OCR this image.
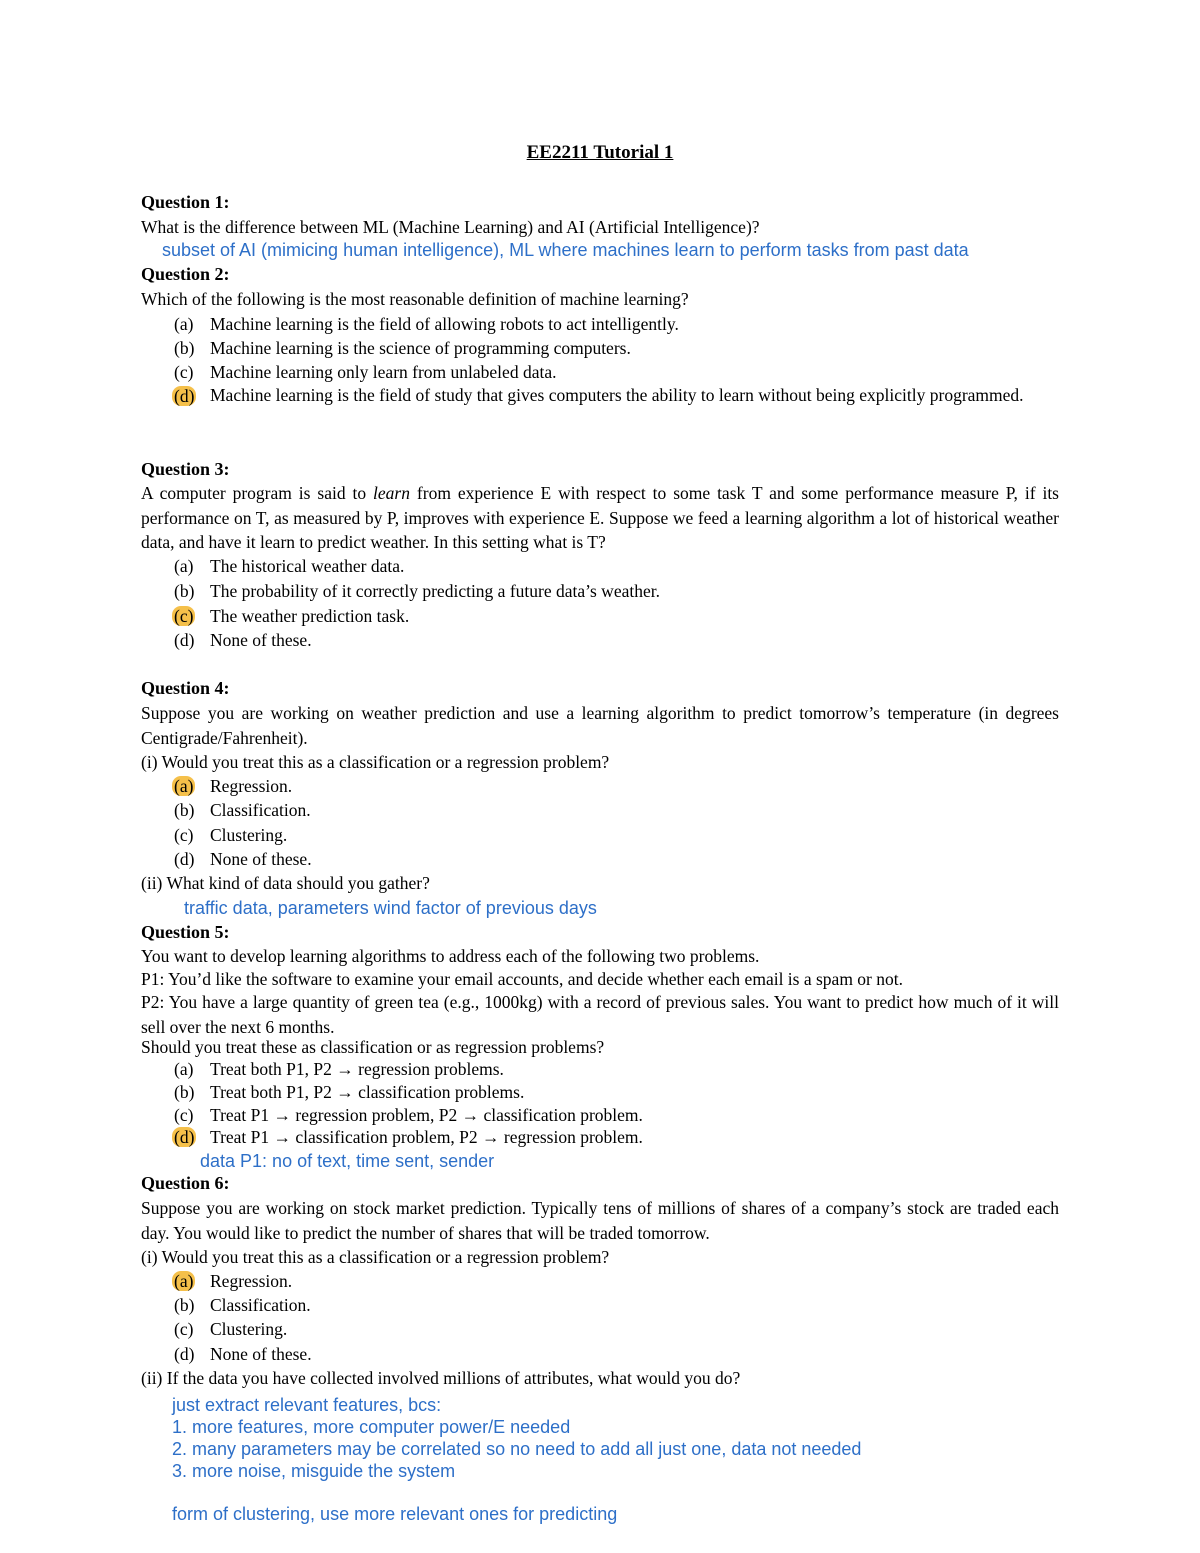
EE2211 Tutorial 1
Question 1:
What is the difference between ML (Machine Learning) and AI (Artificial Intelligence)?
subset of AI (mimicing human intelligence), ML where machines learn to perform tasks from past data
Question 2:
Which of the following is the most reasonable definition of machine learning?
(a) Machine learning is the field of allowing robots to act intelligently.
(b) Machine learning is the science of programming computers.
(c) Machine learning only learn from unlabeled data.
(d) Machine learning is the field of study that gives computers the ability to learn without being explicitly programmed.
Question 3:
A computer program is said to learn from experience E with respect to some task T and some performance measure P, if its performance on T, as measured by P, improves with experience E. Suppose we feed a learning algorithm a lot of historical weather data, and have it learn to predict weather. In this setting what is T?
(a) The historical weather data.
(b) The probability of it correctly predicting a future data’s weather.
(c) The weather prediction task.
(d) None of these.
Question 4:
Suppose you are working on weather prediction and use a learning algorithm to predict tomorrow’s temperature (in degrees Centigrade/Fahrenheit).
(i) Would you treat this as a classification or a regression problem?
(a) Regression.
(b) Classification.
(c) Clustering.
(d) None of these.
(ii) What kind of data should you gather?
traffic data, parameters wind factor of previous days
Question 5:
You want to develop learning algorithms to address each of the following two problems.
P1: You’d like the software to examine your email accounts, and decide whether each email is a spam or not.
P2: You have a large quantity of green tea (e.g., 1000kg) with a record of previous sales. You want to predict how much of it will sell over the next 6 months.
Should you treat these as classification or as regression problems?
(a) Treat both P1, P2 → regression problems.
(b) Treat both P1, P2 → classification problems.
(c) Treat P1 → regression problem, P2 → classification problem.
(d) Treat P1 → classification problem, P2 → regression problem.
data P1: no of text, time sent, sender
Question 6:
Suppose you are working on stock market prediction. Typically tens of millions of shares of a company’s stock are traded each day. You would like to predict the number of shares that will be traded tomorrow.
(i) Would you treat this as a classification or a regression problem?
(a) Regression.
(b) Classification.
(c) Clustering.
(d) None of these.
(ii) If the data you have collected involved millions of attributes, what would you do?
just extract relevant features, bcs:
1. more features, more computer power/E needed
2. many parameters may be correlated so no need to add all just one, data not needed
3. more noise, misguide the system
form of clustering, use more relevant ones for predicting
